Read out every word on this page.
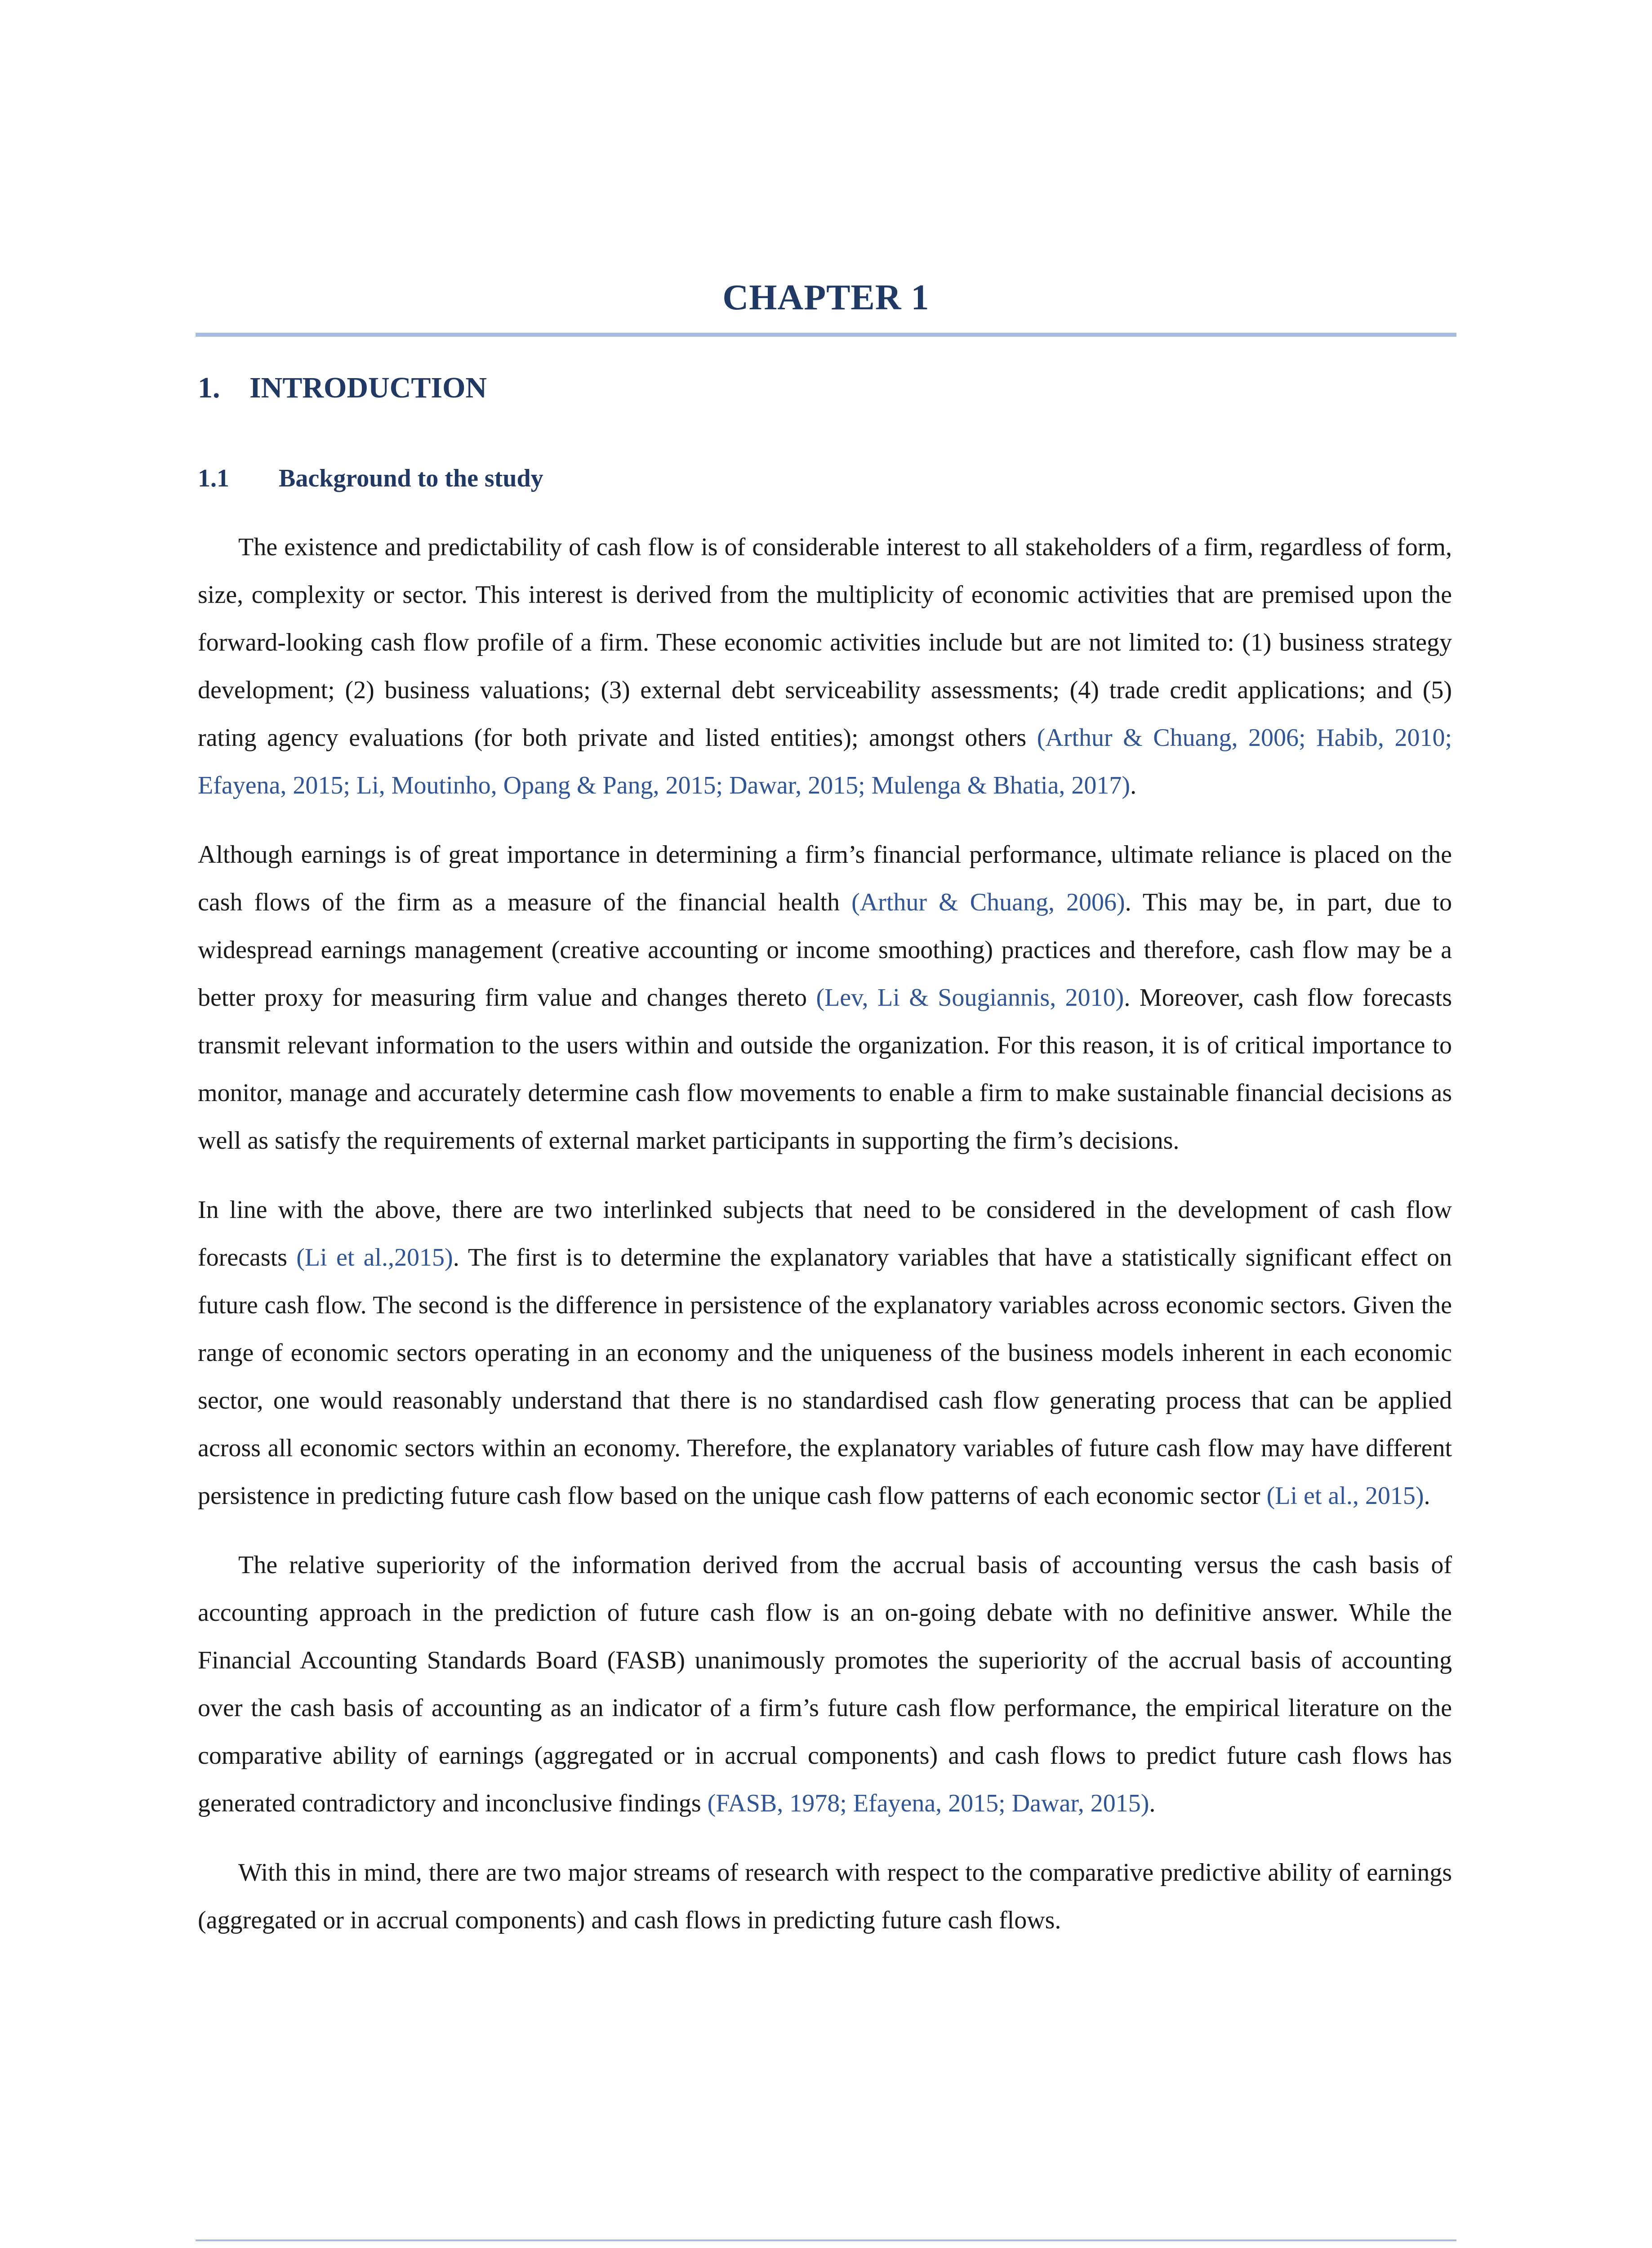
CHAPTER 1
1. INTRODUCTION
1.1 Background to the study

The existence and predictability of cash flow is of considerable interest to all stakeholders of a firm, regardless of form, size, complexity or sector. This interest is derived from the multiplicity of economic activities that are premised upon the forward-looking cash flow profile of a firm. These economic activities include but are not limited to: (1) business strategy development; (2) business valuations; (3) external debt serviceability assessments; (4) trade credit applications; and (5) rating agency evaluations (for both private and listed entities); amongst others (Arthur & Chuang, 2006; Habib, 2010; Efayena, 2015; Li, Moutinho, Opang & Pang, 2015; Dawar, 2015; Mulenga & Bhatia, 2017).

Although earnings is of great importance in determining a firm’s financial performance, ultimate reliance is placed on the cash flows of the firm as a measure of the financial health (Arthur & Chuang, 2006). This may be, in part, due to widespread earnings management (creative accounting or income smoothing) practices and therefore, cash flow may be a better proxy for measuring firm value and changes thereto (Lev, Li & Sougiannis, 2010). Moreover, cash flow forecasts transmit relevant information to the users within and outside the organization. For this reason, it is of critical importance to monitor, manage and accurately determine cash flow movements to enable a firm to make sustainable financial decisions as well as satisfy the requirements of external market participants in supporting the firm’s decisions.

In line with the above, there are two interlinked subjects that need to be considered in the development of cash flow forecasts (Li et al.,2015). The first is to determine the explanatory variables that have a statistically significant effect on future cash flow. The second is the difference in persistence of the explanatory variables across economic sectors. Given the range of economic sectors operating in an economy and the uniqueness of the business models inherent in each economic sector, one would reasonably understand that there is no standardised cash flow generating process that can be applied across all economic sectors within an economy. Therefore, the explanatory variables of future cash flow may have different persistence in predicting future cash flow based on the unique cash flow patterns of each economic sector (Li et al., 2015).

The relative superiority of the information derived from the accrual basis of accounting versus the cash basis of accounting approach in the prediction of future cash flow is an on-going debate with no definitive answer. While the Financial Accounting Standards Board (FASB) unanimously promotes the superiority of the accrual basis of accounting over the cash basis of accounting as an indicator of a firm’s future cash flow performance, the empirical literature on the comparative ability of earnings (aggregated or in accrual components) and cash flows to predict future cash flows has generated contradictory and inconclusive findings (FASB, 1978; Efayena, 2015; Dawar, 2015).

With this in mind, there are two major streams of research with respect to the comparative predictive ability of earnings (aggregated or in accrual components) and cash flows in predicting future cash flows.
